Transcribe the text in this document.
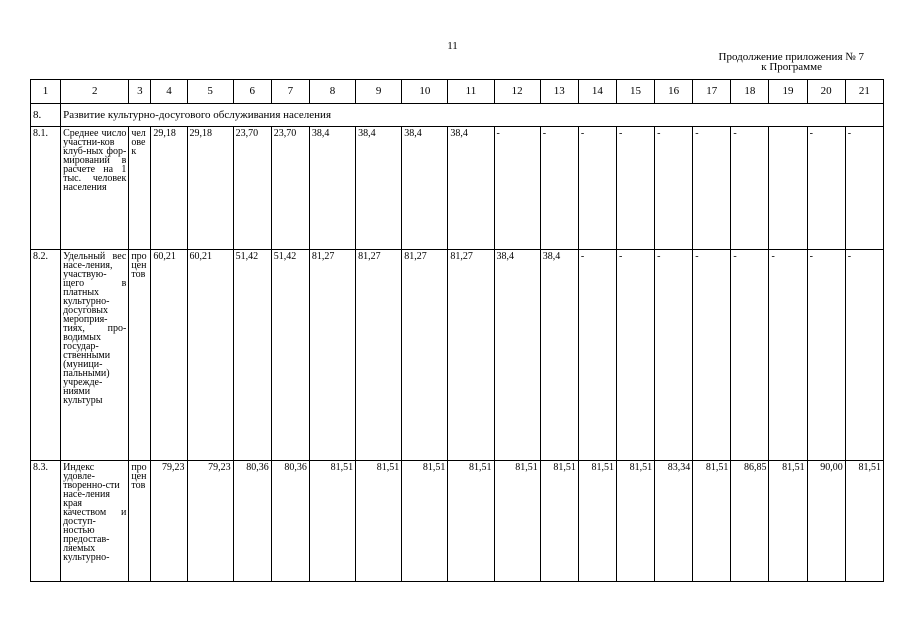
11
Продолжение приложения № 7
к Программе
1	2	3	4	5	6	7	8	9	10	11	12	13	14	15	16	17	18	19	20	21
8.	Развитие культурно-досугового обслуживания населения																			
8.1.	Среднее число участни-ков клуб-ных фор-мирований в расчете на 1 тыс. человек населения	человек	29,18	29,18	23,70	23,70	38,4	38,4	38,4	38,4	-	-	-	-	-	-	-		-	-
8.2.	Удельный вес насе-ления, участвую-щего в платных культурно-досуговых мероприя-тиях, про-водимых государ-ственными (муници-пальными) учрежде-ниями культуры	процентов	60,21	60,21	51,42	51,42	81,27	81,27	81,27	81,27	38,4	38,4	-	-	-	-	-	-	-	-
8.3.	Индекс удовле-творенно-сти насе-ления края качеством и доступ-ностью предостав-ляемых культурно-	процентов	79,23	79,23	80,36	80,36	81,51	81,51	81,51	81,51	81,51	81,51	81,51	81,51	83,34	81,51	86,85	81,51	90,00	81,51
